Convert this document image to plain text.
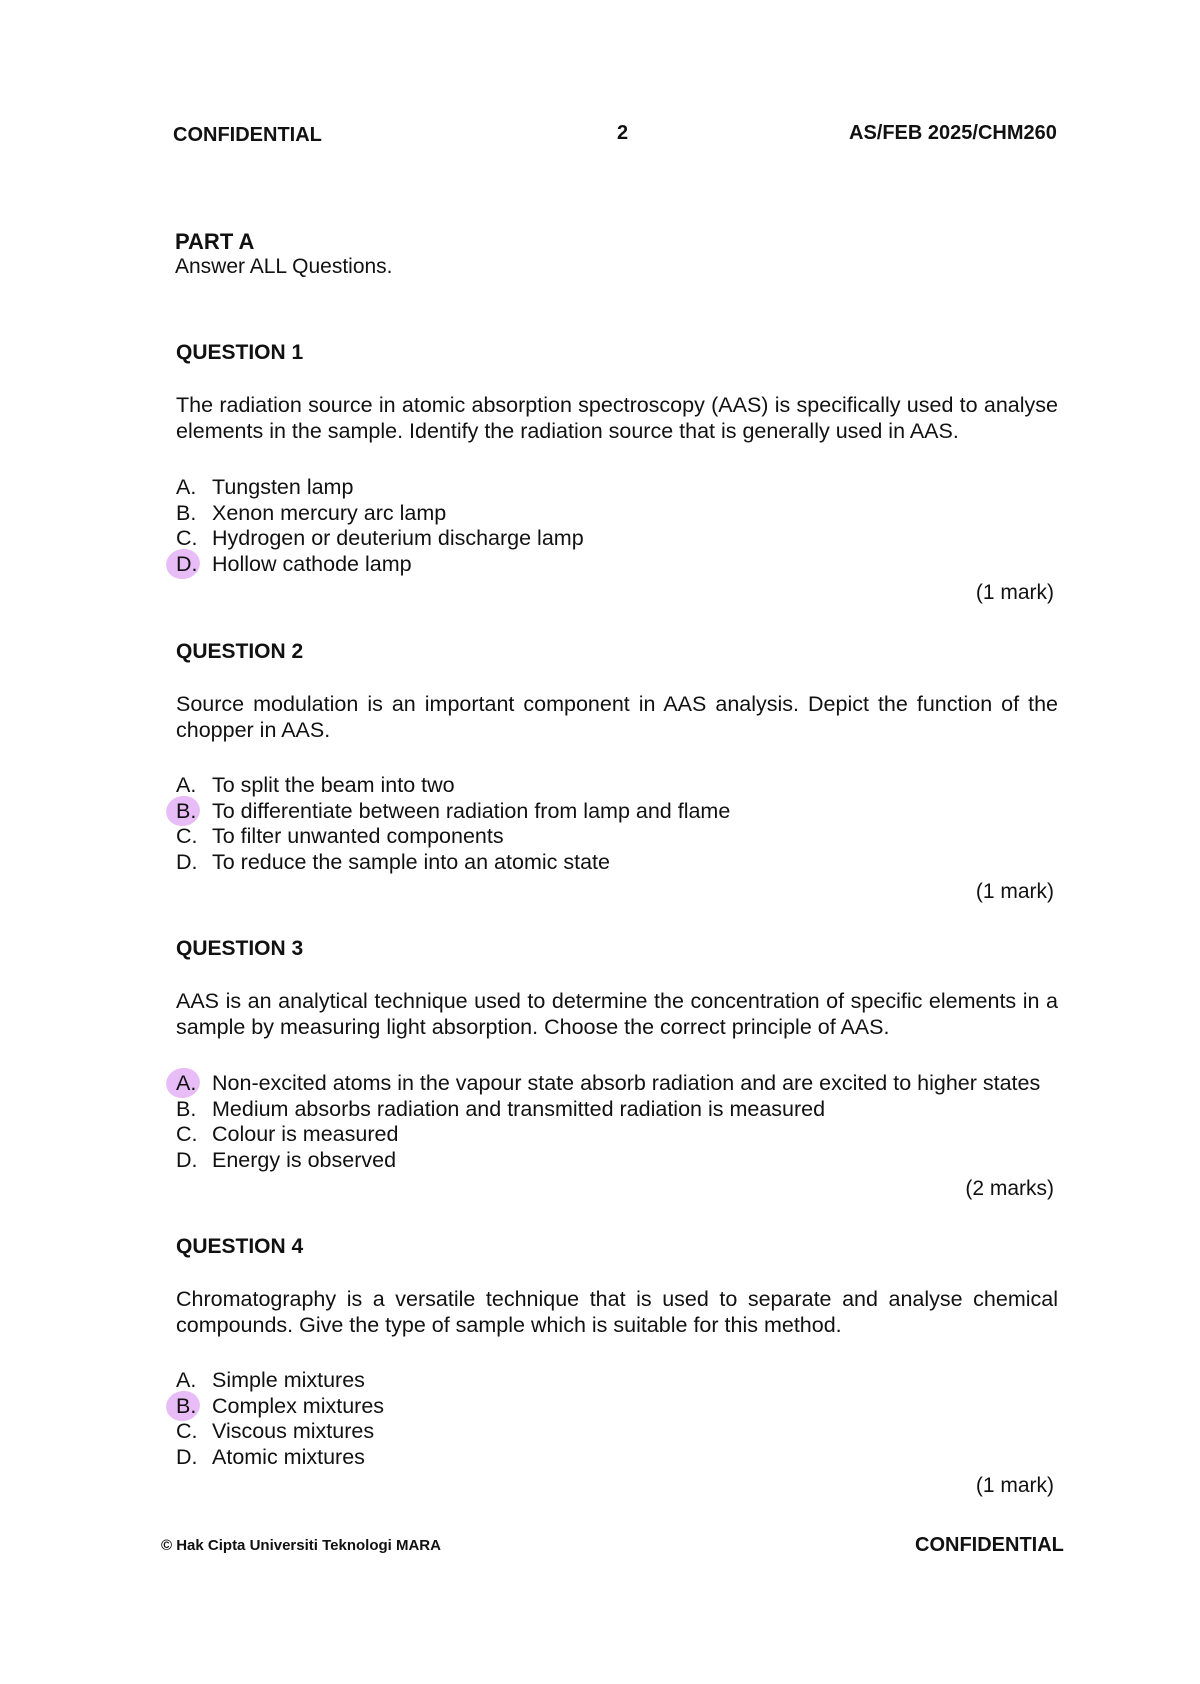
CONFIDENTIAL	2	AS/FEB 2025/CHM260
PART A
Answer ALL Questions.
QUESTION 1
The radiation source in atomic absorption spectroscopy (AAS) is specifically used to analyse elements in the sample. Identify the radiation source that is generally used in AAS.
A. Tungsten lamp
B. Xenon mercury arc lamp
C. Hydrogen or deuterium discharge lamp
D. Hollow cathode lamp
(1 mark)
QUESTION 2
Source modulation is an important component in AAS analysis. Depict the function of the chopper in AAS.
A. To split the beam into two
B. To differentiate between radiation from lamp and flame
C. To filter unwanted components
D. To reduce the sample into an atomic state
(1 mark)
QUESTION 3
AAS is an analytical technique used to determine the concentration of specific elements in a sample by measuring light absorption. Choose the correct principle of AAS.
A. Non-excited atoms in the vapour state absorb radiation and are excited to higher states
B. Medium absorbs radiation and transmitted radiation is measured
C. Colour is measured
D. Energy is observed
(2 marks)
QUESTION 4
Chromatography is a versatile technique that is used to separate and analyse chemical compounds. Give the type of sample which is suitable for this method.
A. Simple mixtures
B. Complex mixtures
C. Viscous mixtures
D. Atomic mixtures
(1 mark)
© Hak Cipta Universiti Teknologi MARA	CONFIDENTIAL
